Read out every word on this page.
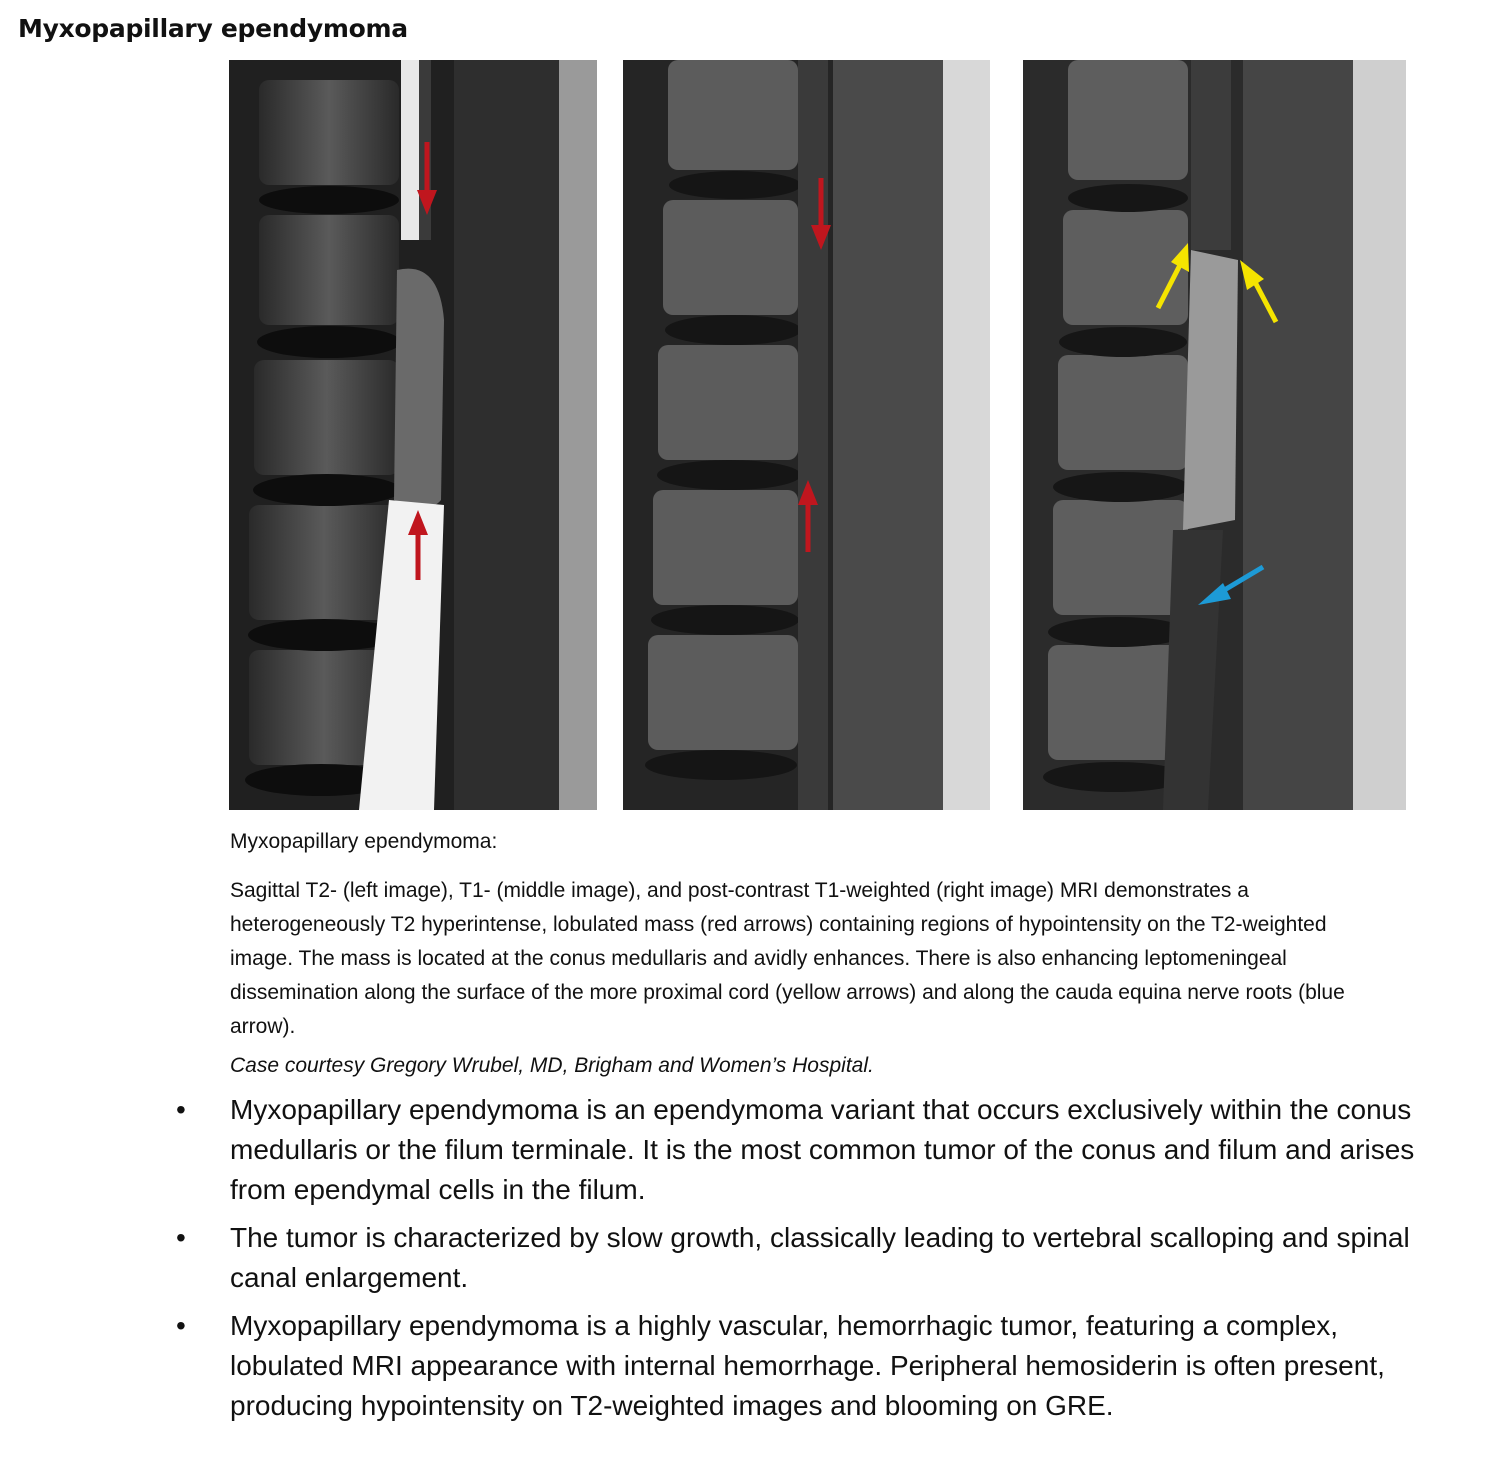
Myxopapillary ependymoma
Myxopapillary ependymoma:
Sagittal T2- (left image), T1- (middle image), and post-contrast T1-weighted (right image) MRI demonstrates a heterogeneously T2 hyperintense, lobulated mass (red arrows) containing regions of hypointensity on the T2-weighted image. The mass is located at the conus medullaris and avidly enhances. There is also enhancing leptomeningeal dissemination along the surface of the more proximal cord (yellow arrows) and along the cauda equina nerve roots (blue arrow).
Case courtesy Gregory Wrubel, MD, Brigham and Women’s Hospital.
• Myxopapillary ependymoma is an ependymoma variant that occurs exclusively within the conus medullaris or the filum terminale. It is the most common tumor of the conus and filum and arises from ependymal cells in the filum.
• The tumor is characterized by slow growth, classically leading to vertebral scalloping and spinal canal enlargement.
• Myxopapillary ependymoma is a highly vascular, hemorrhagic tumor, featuring a complex, lobulated MRI appearance with internal hemorrhage. Peripheral hemosiderin is often present, producing hypointensity on T2-weighted images and blooming on GRE.
